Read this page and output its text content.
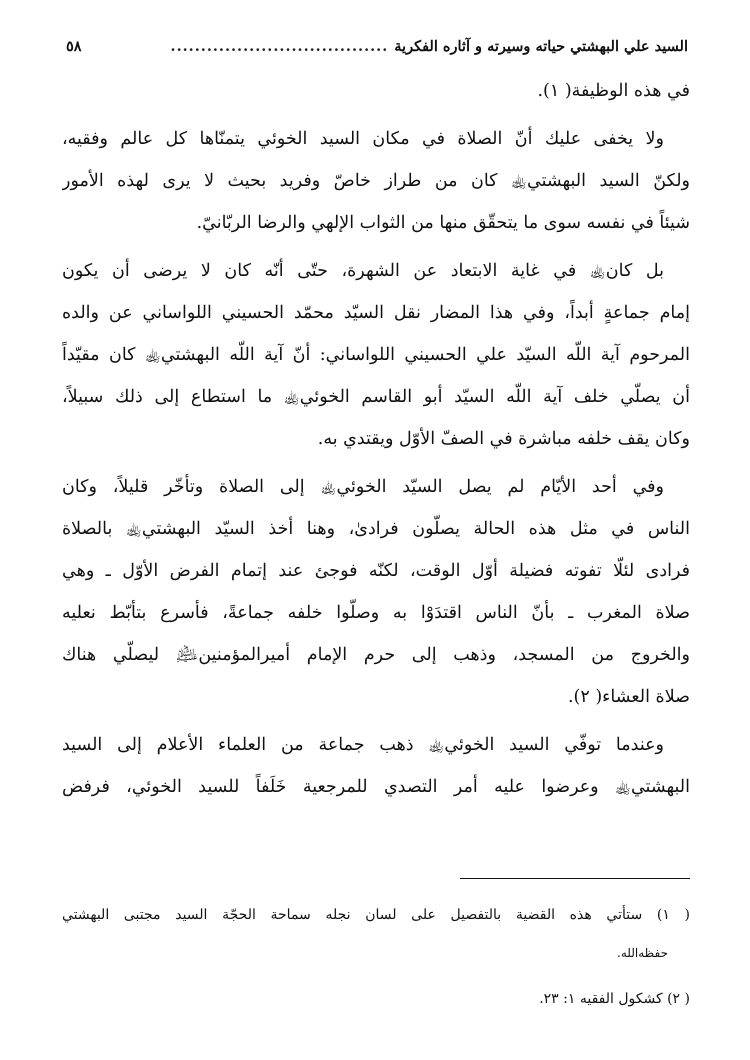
السيد علي البهشتي حياته وسيرته و آثاره الفكرية
....................................
٥٨
في هذه الوظيفة( ١).
ولا يخفى عليك أنّ الصلاة في مكان السيد الخوئي يتمنّاها كل عالم وفقيه،
ولكنّ السيد البهشتي﵀ كان من طراز خاصّ وفريد بحيث لا يرى لهذه الأمور
شيئاً في نفسه سوى ما يتحقّق منها من الثواب الإلهي والرضا الربّانيّ.
بل كان﵀ في غاية الابتعاد عن الشهرة، حتّى أنّه كان لا يرضى أن يكون
إمام جماعةٍ أبداً، وفي هذا المضار نقل السيّد محمّد الحسيني اللواساني عن والده
المرحوم آية اللّه السيّد علي الحسيني اللواساني: أنّ آية اللّه البهشتي﵀ كان مقيّداً
أن يصلّي خلف آية اللّه السيّد أبو القاسم الخوئي﵀ ما استطاع إلى ذلك سبيلاً،
وكان يقف خلفه مباشرة في الصفّ الأوّل ويقتدي به.
وفي أحد الأيّام لم يصل السيّد الخوئي﵀ إلى الصلاة وتأخّر قليلاً، وكان
الناس في مثل هذه الحالة يصلّون فرادىٰ، وهنا أخذ السيّد البهشتي﵀ بالصلاة
فرادى لئلّا تفوته فضيلة أوّل الوقت، لكنّه فوجئ عند إتمام الفرض الأوّل ـ وهي
صلاة المغرب ـ بأنّ الناس اقتدَوْا به وصلّوا خلفه جماعةً، فأسرع بتأبّط نعليه
والخروج من المسجد، وذهب إلى حرم الإمام أميرالمؤمنين﵇ ليصلّي هناك
صلاة العشاء( ٢).
وعندما توفّي السيد الخوئي﵀ ذهب جماعة من العلماء الأعلام إلى السيد
البهشتي﵀ وعرضوا عليه أمر التصدي للمرجعية خَلَفاً للسيد الخوئي، فرفض
( ١) ستأتي هذه القضية بالتفصيل على لسان نجله سماحة الحجّة السيد مجتبى البهشتي
حفظه‌الله.
( ٢) كشكول الفقيه ١: ٢٣.
